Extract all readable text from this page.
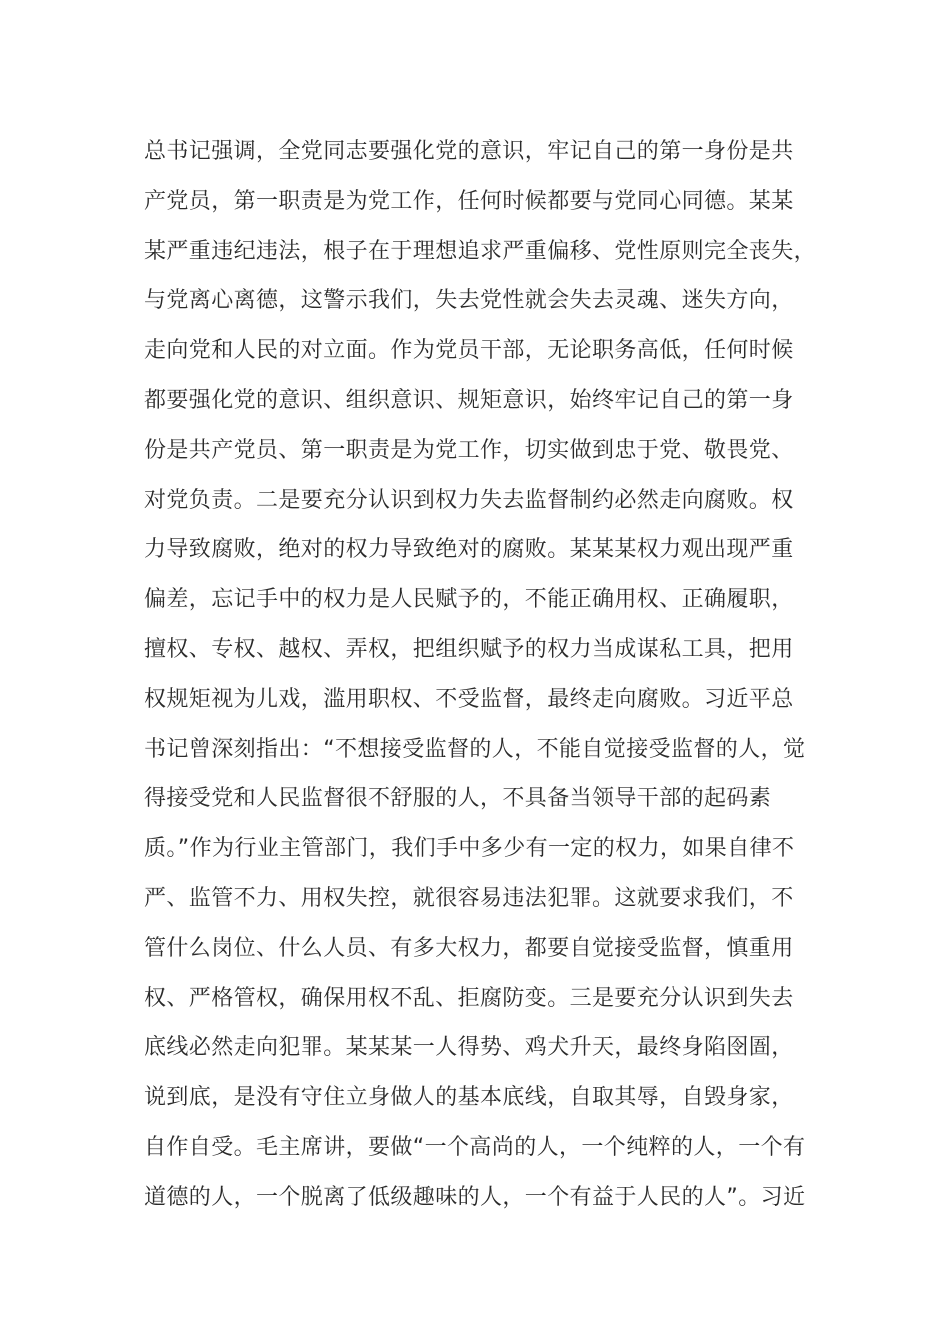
总书记强调，全党同志要强化党的意识，牢记自己的第一身份是共
产党员，第一职责是为党工作，任何时候都要与党同心同德。某某
某严重违纪违法，根子在于理想追求严重偏移、党性原则完全丧失，
与党离心离德，这警示我们，失去党性就会失去灵魂、迷失方向，
走向党和人民的对立面。作为党员干部，无论职务高低，任何时候
都要强化党的意识、组织意识、规矩意识，始终牢记自己的第一身
份是共产党员、第一职责是为党工作，切实做到忠于党、敬畏党、
对党负责。二是要充分认识到权力失去监督制约必然走向腐败。权
力导致腐败，绝对的权力导致绝对的腐败。某某某权力观出现严重
偏差，忘记手中的权力是人民赋予的，不能正确用权、正确履职，
擅权、专权、越权、弄权，把组织赋予的权力当成谋私工具，把用
权规矩视为儿戏，滥用职权、不受监督，最终走向腐败。习近平总
书记曾深刻指出：“不想接受监督的人，不能自觉接受监督的人，觉
得接受党和人民监督很不舒服的人，不具备当领导干部的起码素
质。”作为行业主管部门，我们手中多少有一定的权力，如果自律不
严、监管不力、用权失控，就很容易违法犯罪。这就要求我们，不
管什么岗位、什么人员、有多大权力，都要自觉接受监督，慎重用
权、严格管权，确保用权不乱、拒腐防变。三是要充分认识到失去
底线必然走向犯罪。某某某一人得势、鸡犬升天，最终身陷囹圄，
说到底，是没有守住立身做人的基本底线，自取其辱，自毁身家，
自作自受。毛主席讲，要做“一个高尚的人，一个纯粹的人，一个有
道德的人，一个脱离了低级趣味的人，一个有益于人民的人”。习近
